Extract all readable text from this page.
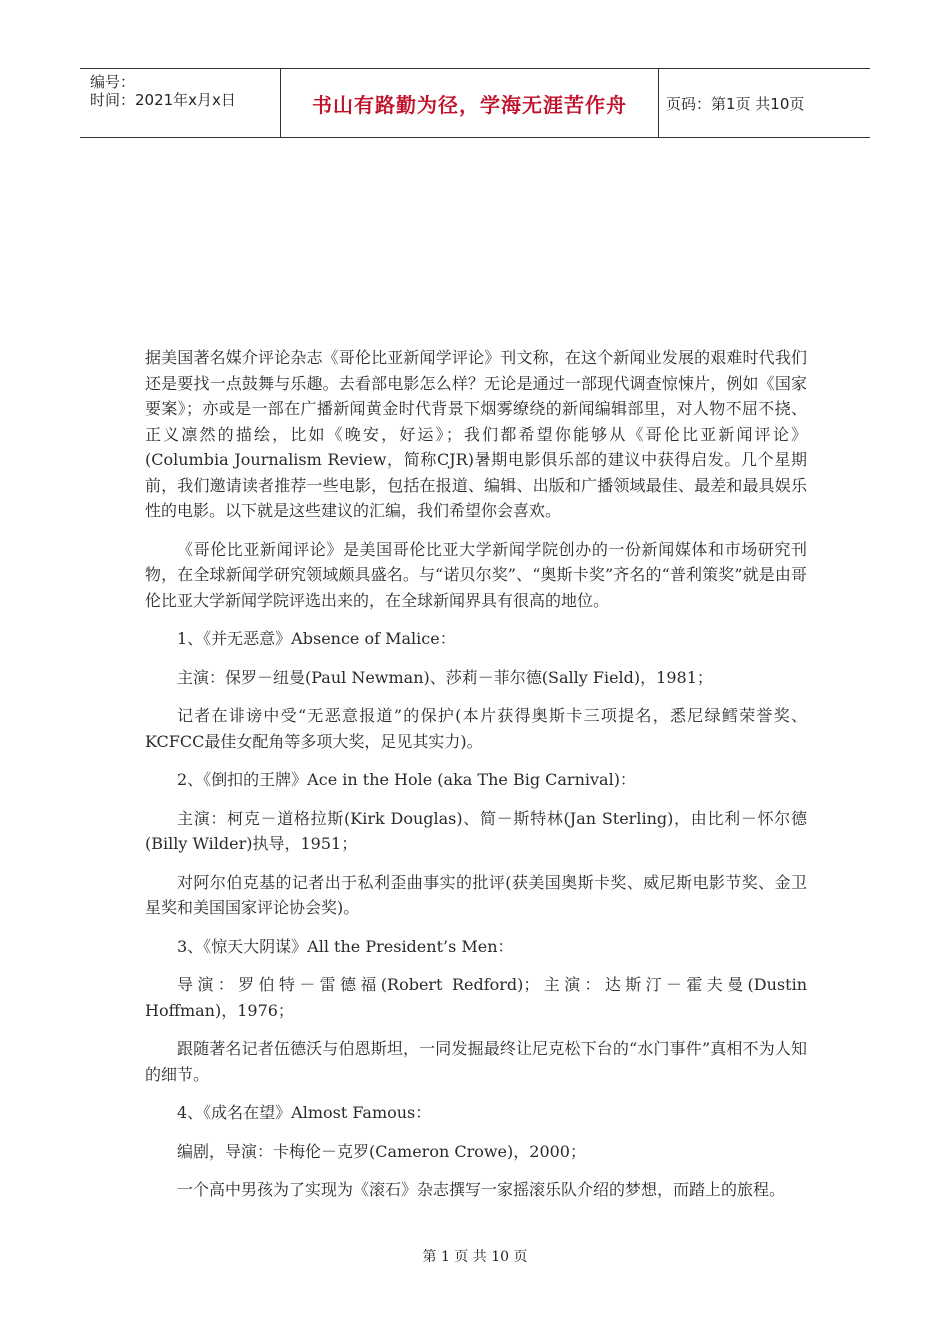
编号：
时间：2021年x月x日	书山有路勤为径，学海无涯苦作舟	页码：第1页 共10页

据美国著名媒介评论杂志《哥伦比亚新闻学评论》刊文称，在这个新闻业发展的艰难时代我们还是要找一点鼓舞与乐趣。去看部电影怎么样？无论是通过一部现代调查惊悚片，例如《国家要案》；亦或是一部在广播新闻黄金时代背景下烟雾缭绕的新闻编辑部里，对人物不屈不挠、正义凛然的描绘，比如《晚安，好运》；我们都希望你能够从《哥伦比亚新闻评论》(Columbia Journalism Review，简称CJR)暑期电影俱乐部的建议中获得启发。几个星期前，我们邀请读者推荐一些电影，包括在报道、编辑、出版和广播领域最佳、最差和最具娱乐性的电影。以下就是这些建议的汇编，我们希望你会喜欢。

《哥伦比亚新闻评论》是美国哥伦比亚大学新闻学院创办的一份新闻媒体和市场研究刊物，在全球新闻学研究领域颇具盛名。与“诺贝尔奖”、“奥斯卡奖”齐名的“普利策奖”就是由哥伦比亚大学新闻学院评选出来的，在全球新闻界具有很高的地位。

1、《并无恶意》Absence of Malice：

主演：保罗－纽曼(Paul Newman)、莎莉－菲尔德(Sally Field)，1981；

记者在诽谤中受“无恶意报道”的保护(本片获得奥斯卡三项提名，悉尼绿鳕荣誉奖、KCFCC最佳女配角等多项大奖，足见其实力)。

2、《倒扣的王牌》Ace in the Hole (aka The Big Carnival)：

主演：柯克－道格拉斯(Kirk Douglas)、简－斯特林(Jan Sterling)，由比利－怀尔德(Billy Wilder)执导，1951；

对阿尔伯克基的记者出于私利歪曲事实的批评(获美国奥斯卡奖、威尼斯电影节奖、金卫星奖和美国国家评论协会奖)。

3、《惊天大阴谋》All the President’s Men：

导演：罗伯特－雷德福(Robert Redford)；主演：达斯汀－霍夫曼(Dustin Hoffman)，1976；

跟随著名记者伍德沃与伯恩斯坦，一同发掘最终让尼克松下台的“水门事件”真相不为人知的细节。

4、《成名在望》Almost Famous：

编剧，导演：卡梅伦－克罗(Cameron Crowe)，2000；

一个高中男孩为了实现为《滚石》杂志撰写一家摇滚乐队介绍的梦想，而踏上的旅程。

第 1 页 共 10 页
